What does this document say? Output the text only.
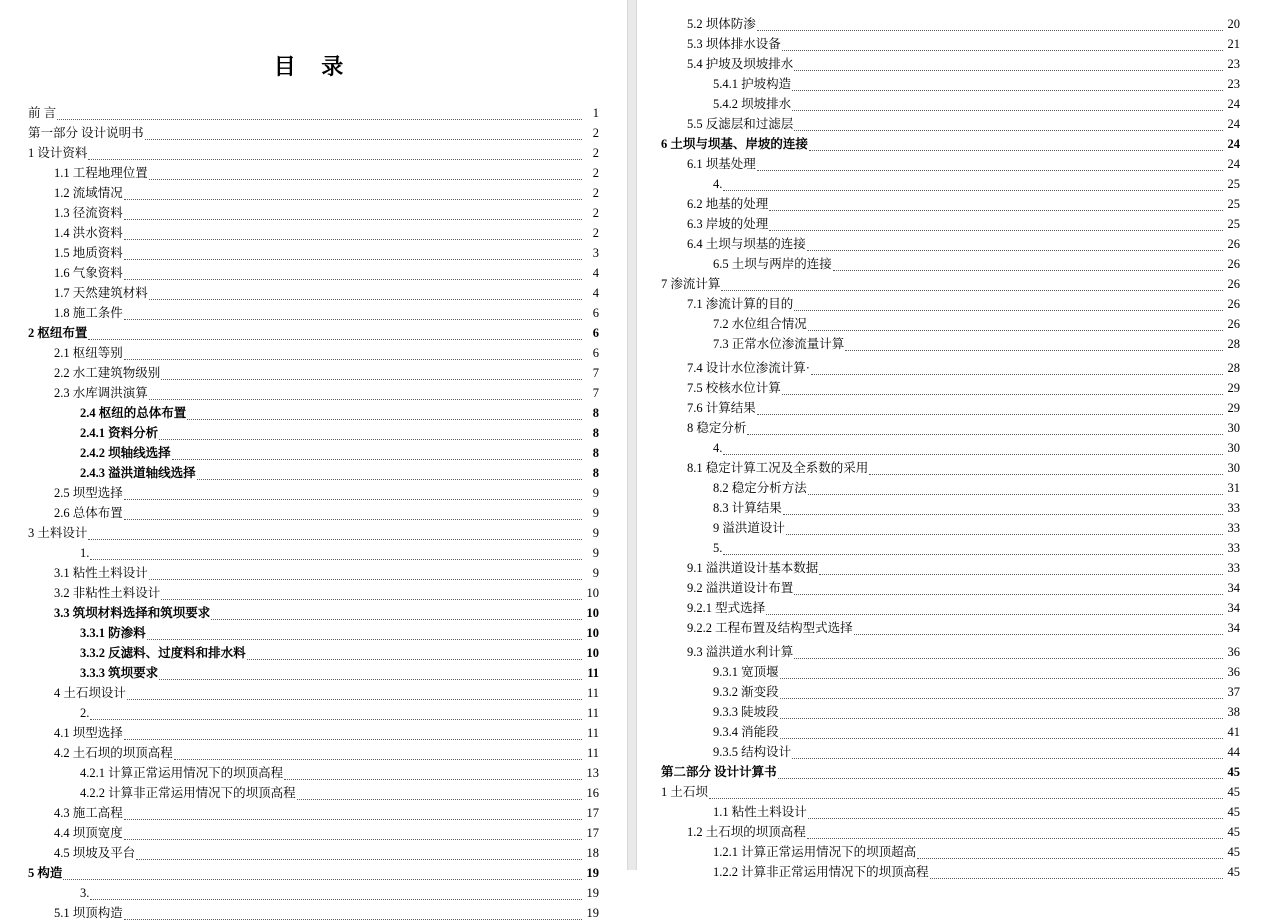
目 录
前 言	1
第一部分 设计说明书	2
1 设计资料	2
1.1 工程地理位置	2
1.2 流域情况	2
1.3 径流资料	2
1.4 洪水资料	2
1.5 地质资料	3
1.6 气象资料	4
1.7 天然建筑材料	4
1.8 施工条件	6
2 枢纽布置	6
2.1 枢纽等别	6
2.2 水工建筑物级别	7
2.3 水库调洪演算	7
2.4 枢纽的总体布置	8
2.4.1 资料分析	8
2.4.2 坝轴线选择	8
2.4.3 溢洪道轴线选择	8
2.5 坝型选择	9
2.6 总体布置	9
3 土料设计	9
1.	9
3.1 粘性土料设计	9
3.2 非粘性土料设计	10
3.3 筑坝材料选择和筑坝要求	10
3.3.1 防渗料	10
3.3.2 反滤料、过度料和排水料	10
3.3.3 筑坝要求	11
4 土石坝设计	11
2.	11
4.1 坝型选择	11
4.2 土石坝的坝顶高程	11
4.2.1 计算正常运用情况下的坝顶高程	13
4.2.2 计算非正常运用情况下的坝顶高程	16
4.3 施工高程	17
4.4 坝顶宽度	17
4.5 坝坡及平台	18
5 构造	19
3.	19
5.1 坝顶构造	19
5.2 坝体防渗	20
5.3 坝体排水设备	21
5.4 护坡及坝坡排水	23
5.4.1 护坡构造	23
5.4.2 坝坡排水	24
5.5 反滤层和过滤层	24
6 土坝与坝基、岸坡的连接	24
6.1 坝基处理	24
4.	25
6.2 地基的处理	25
6.3 岸坡的处理	25
6.4 土坝与坝基的连接	26
6.5 土坝与两岸的连接	26
7 渗流计算	26
7.1 渗流计算的目的	26
7.2 水位组合情况	26
7.3 正常水位渗流量计算	28
7.4 设计水位渗流计算·	28
7.5 校核水位计算	29
7.6 计算结果	29
8 稳定分析	30
4.	30
8.1 稳定计算工况及全系数的采用	30
8.2 稳定分析方法	31
8.3 计算结果	33
9 溢洪道设计	33
5.	33
9.1 溢洪道设计基本数据	33
9.2 溢洪道设计布置	34
9.2.1 型式选择	34
9.2.2 工程布置及结构型式选择	34
9.3 溢洪道水利计算	36
9.3.1 宽顶堰	36
9.3.2 渐变段	37
9.3.3 陡坡段	38
9.3.4 消能段	41
9.3.5 结构设计	44
第二部分 设计计算书	45
1 土石坝	45
1.1 粘性土料设计	45
1.2 土石坝的坝顶高程	45
1.2.1 计算正常运用情况下的坝顶超高	45
1.2.2 计算非正常运用情况下的坝顶高程	45
